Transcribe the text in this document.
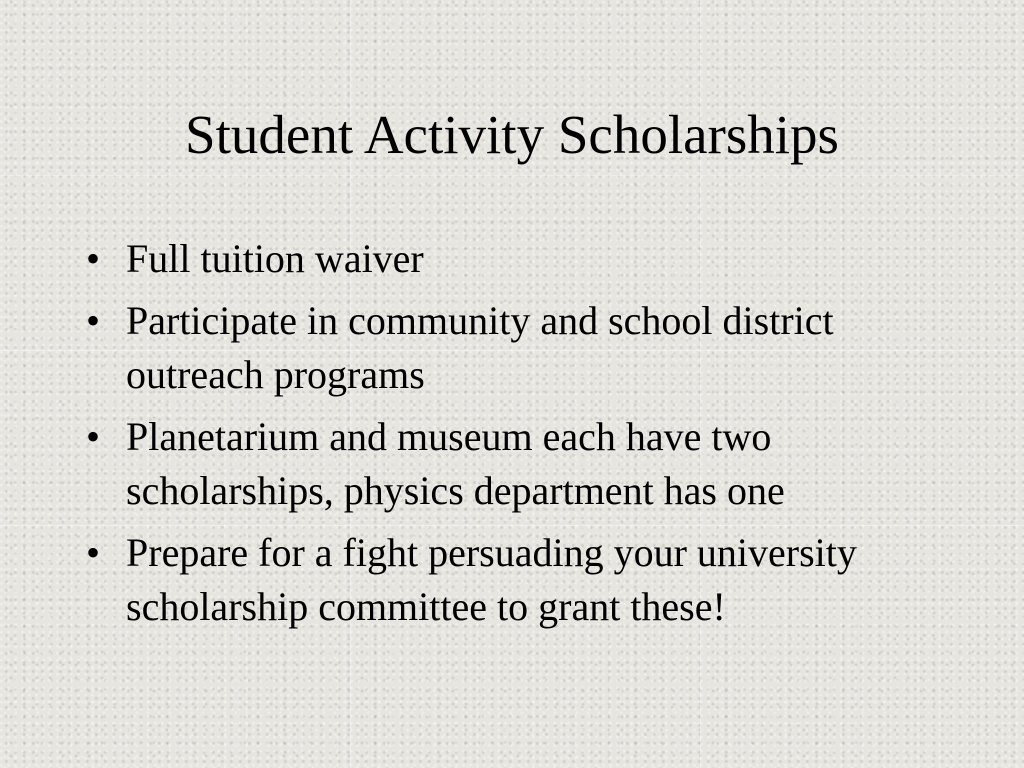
Student Activity Scholarships
• Full tuition waiver
• Participate in community and school district outreach programs
• Planetarium and museum each have two scholarships, physics department has one
• Prepare for a fight persuading your university scholarship committee to grant these!
